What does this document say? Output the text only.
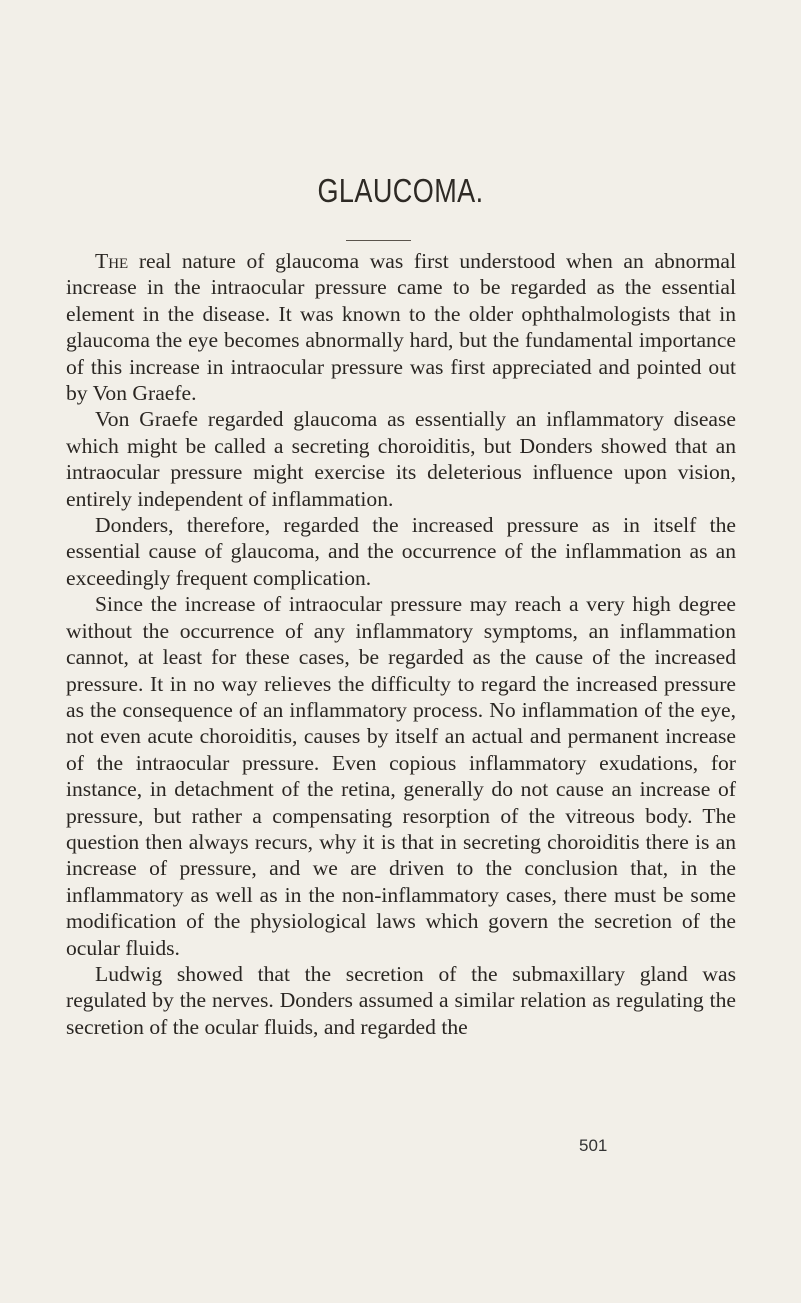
GLAUCOMA.

The real nature of glaucoma was first understood when an abnormal increase in the intraocular pressure came to be regarded as the essential element in the disease. It was known to the older ophthalmologists that in glaucoma the eye becomes abnormally hard, but the fundamental importance of this increase in intraocular pressure was first appreciated and pointed out by Von Graefe.

Von Graefe regarded glaucoma as essentially an inflammatory disease which might be called a secreting choroiditis, but Donders showed that an intraocular pressure might exercise its deleterious influence upon vision, entirely independent of inflammation.

Donders, therefore, regarded the increased pressure as in itself the essential cause of glaucoma, and the occurrence of the inflammation as an exceedingly frequent complication.

Since the increase of intraocular pressure may reach a very high degree without the occurrence of any inflammatory symptoms, an inflammation cannot, at least for these cases, be regarded as the cause of the increased pressure. It in no way relieves the difficulty to regard the increased pressure as the consequence of an inflammatory process. No inflammation of the eye, not even acute choroiditis, causes by itself an actual and permanent increase of the intraocular pressure. Even copious inflammatory exudations, for instance, in detachment of the retina, generally do not cause an increase of pressure, but rather a compensating resorption of the vitreous body. The question then always recurs, why it is that in secreting choroiditis there is an increase of pressure, and we are driven to the conclusion that, in the inflammatory as well as in the non-inflammatory cases, there must be some modification of the physiological laws which govern the secretion of the ocular fluids.

Ludwig showed that the secretion of the submaxillary gland was regulated by the nerves. Donders assumed a similar relation as regulating the secretion of the ocular fluids, and regarded the

501
